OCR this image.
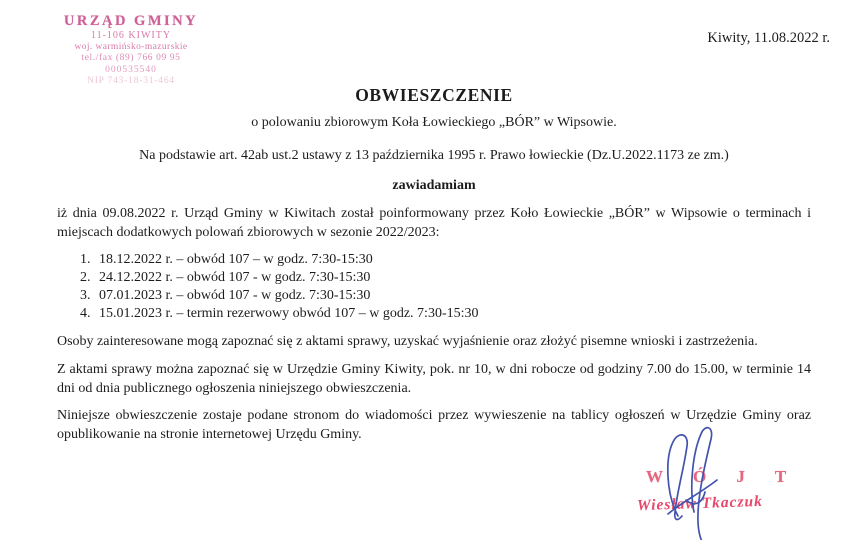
URZĄD GMINY
11-106 KIWITY
woj. warmińsko-mazurskie
tel./fax (89) 766 09 95
000535540
NIP 743-18-31-464
Kiwity, 11.08.2022 r.
OBWIESZCZENIE

o polowaniu zbiorowym Koła Łowieckiego „BÓR” w Wipsowie.

Na podstawie art. 42ab ust.2 ustawy z 13 października 1995 r. Prawo łowieckie (Dz.U.2022.1173 ze zm.)

zawiadamiam

iż dnia 09.08.2022 r. Urząd Gminy w Kiwitach został poinformowany przez Koło Łowieckie „BÓR” w Wipsowie o terminach i miejscach dodatkowych polowań zbiorowych w sezonie 2022/2023:

1. 18.12.2022 r. – obwód 107 – w godz. 7:30-15:30
2. 24.12.2022 r. – obwód 107 - w godz. 7:30-15:30
3. 07.01.2023 r. – obwód 107 - w godz. 7:30-15:30
4. 15.01.2023 r. – termin rezerwowy obwód 107 – w godz. 7:30-15:30

Osoby zainteresowane mogą zapoznać się z aktami sprawy, uzyskać wyjaśnienie oraz złożyć pisemne wnioski i zastrzeżenia.

Z aktami sprawy można zapoznać się w Urzędzie Gminy Kiwity, pok. nr 10, w dni robocze od godziny 7.00 do 15.00, w terminie 14 dni od dnia publicznego ogłoszenia niniejszego obwieszczenia.

Niniejsze obwieszczenie zostaje podane stronom do wiadomości przez wywieszenie na tablicy ogłoszeń w Urzędzie Gminy oraz opublikowanie na stronie internetowej Urzędu Gminy.

W Ó J T
Wiesław Tkaczuk
